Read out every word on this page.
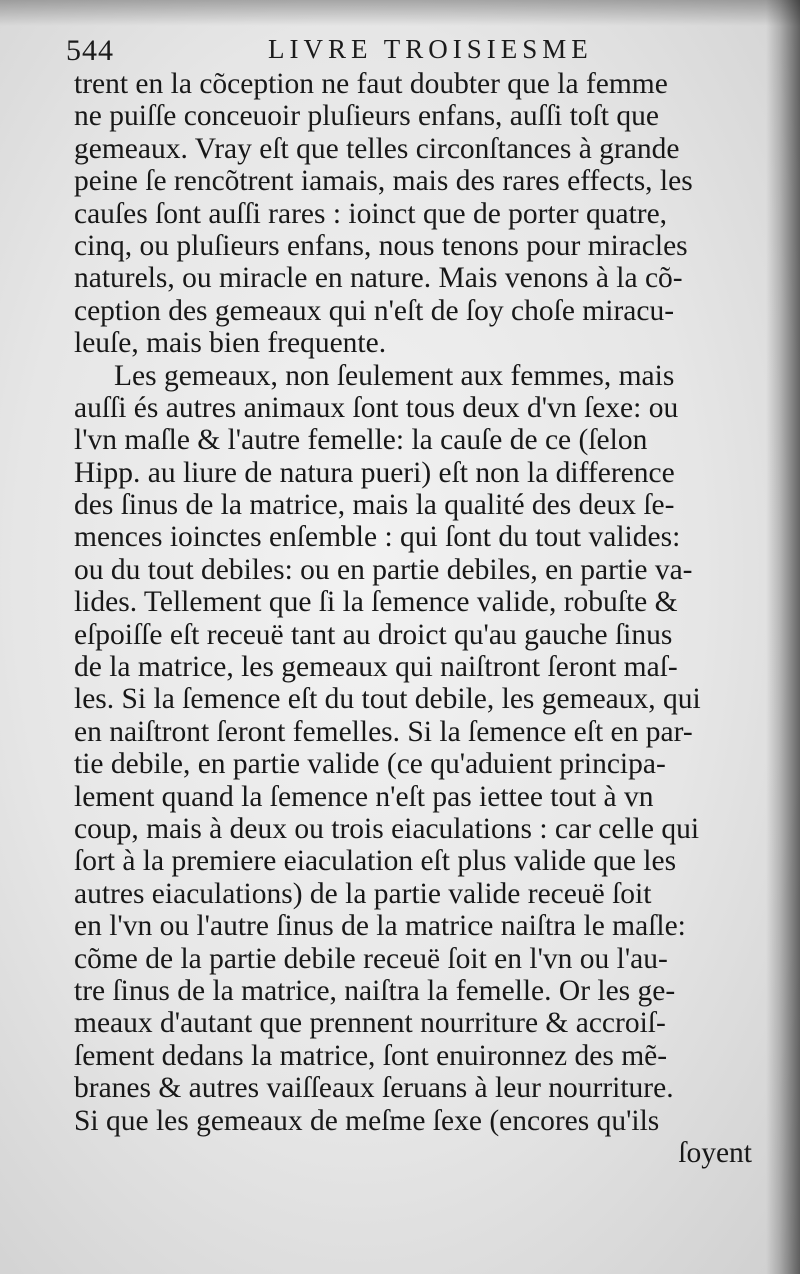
544	LIVRE TROISIESME
trent en la cõception ne faut doubter que la femme
ne puiſſe conceuoir pluſieurs enfans, auſſi toſt que
gemeaux. Vray eſt que telles circonſtances à grande
peine ſe rencõtrent iamais, mais des rares effects, les
cauſes ſont auſſi rares : ioinct que de porter quatre,
cinq, ou pluſieurs enfans, nous tenons pour miracles
naturels, ou miracle en nature. Mais venons à la cõ-
ception des gemeaux qui n'eſt de ſoy choſe miracu-
leuſe, mais bien frequente.
Les gemeaux, non ſeulement aux femmes, mais
auſſi és autres animaux ſont tous deux d'vn ſexe: ou
l'vn maſle & l'autre femelle: la cauſe de ce (ſelon
Hipp. au liure de natura pueri) eſt non la difference
des ſinus de la matrice, mais la qualité des deux ſe-
mences ioinctes enſemble : qui ſont du tout valides:
ou du tout debiles: ou en partie debiles, en partie va-
lides. Tellement que ſi la ſemence valide, robuſte &
eſpoiſſe eſt receuë tant au droict qu'au gauche ſinus
de la matrice, les gemeaux qui naiſtront ſeront maſ-
les. Si la ſemence eſt du tout debile, les gemeaux, qui
en naiſtront ſeront femelles. Si la ſemence eſt en par-
tie debile, en partie valide (ce qu'aduient principa-
lement quand la ſemence n'eſt pas iettee tout à vn
coup, mais à deux ou trois eiaculations : car celle qui
ſort à la premiere eiaculation eſt plus valide que les
autres eiaculations) de la partie valide receuë ſoit
en l'vn ou l'autre ſinus de la matrice naiſtra le maſle:
cõme de la partie debile receuë ſoit en l'vn ou l'au-
tre ſinus de la matrice, naiſtra la femelle. Or les ge-
meaux d'autant que prennent nourriture & accroiſ-
ſement dedans la matrice, ſont enuironnez des mẽ-
branes & autres vaiſſeaux ſeruans à leur nourriture.
Si que les gemeaux de meſme ſexe (encores qu'ils
ſoyent
